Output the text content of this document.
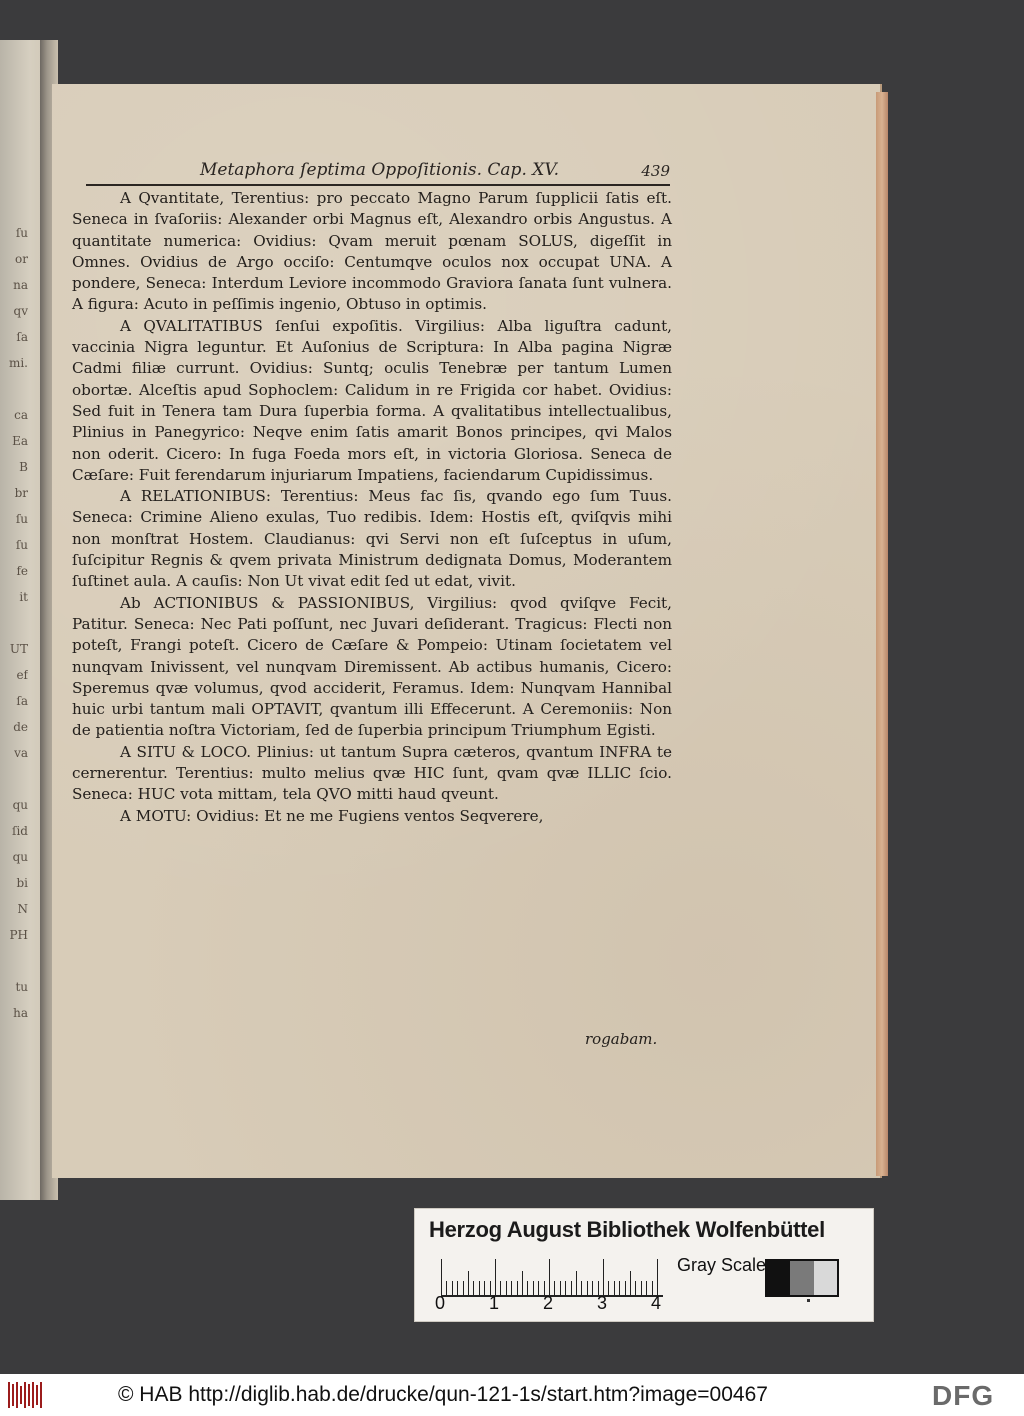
ſu
or
na
qv
ſa
mi.

ca
Ea
B
br
ſu
ſu
fe
it

UT
ef
ſa
de
va

qu
ſid
qu
bi
N
PH

tu
ha
Metaphora ſeptima Oppoſitionis. Cap. XV.	439

A Qvantitate, Terentius: pro peccato Magno Parum ſupplicii ſatis eſt. Seneca in ſvaſoriis: Alexander orbi Magnus eſt, Alexandro orbis Angustus. A quantitate numerica: Ovidius: Qvam meruit pœnam SOLUS, digeſſit in Omnes. Ovidius de Argo occiſo: Centumqve oculos nox occupat UNA. A pondere, Seneca: Interdum Leviore incommodo Graviora ſanata ſunt vulnera. A figura: Acuto in peſſimis ingenio, Obtuso in optimis.

A QVALITATIBUS ſenſui expoſitis. Virgilius: Alba liguſtra cadunt, vaccinia Nigra leguntur. Et Auſonius de Scriptura: In Alba pagina Nigræ Cadmi filiæ currunt. Ovidius: Suntq; oculis Tenebræ per tantum Lumen obortæ. Alceſtis apud Sophoclem: Calidum in re Frigida cor habet. Ovidius: Sed fuit in Tenera tam Dura ſuperbia forma. A qvalitatibus intellectualibus, Plinius in Panegyrico: Neqve enim ſatis amarit Bonos principes, qvi Malos non oderit. Cicero: In fuga Foeda mors eſt, in victoria Gloriosa. Seneca de Cæſare: Fuit ferendarum injuriarum Impatiens, faciendarum Cupidissimus.

A RELATIONIBUS: Terentius: Meus fac ſis, qvando ego ſum Tuus. Seneca: Crimine Alieno exulas, Tuo redibis. Idem: Hostis eſt, qviſqvis mihi non monſtrat Hostem. Claudianus: qvi Servi non eſt ſuſceptus in uſum, ſuſcipitur Regnis & qvem privata Ministrum dedignata Domus, Moderantem ſuſtinet aula. A cauſis: Non Ut vivat edit ſed ut edat, vivit.

Ab ACTIONIBUS & PASSIONIBUS, Virgilius: qvod qviſqve Fecit, Patitur. Seneca: Nec Pati poſſunt, nec Juvari deſiderant. Tragicus: Flecti non poteſt, Frangi poteſt. Cicero de Cæſare & Pompeio: Utinam ſocietatem vel nunqvam Inivissent, vel nunqvam Diremissent. Ab actibus humanis, Cicero: Speremus qvæ volumus, qvod acciderit, Feramus. Idem: Nunqvam Hannibal huic urbi tantum mali OPTAVIT, qvantum illi Effecerunt. A Ceremoniis: Non de patientia noſtra Victoriam, ſed de ſuperbia principum Triumphum Egisti.

A SITU & LOCO. Plinius: ut tantum Supra cæteros, qvantum INFRA te cernerentur. Terentius: multo melius qvæ HIC ſunt, qvam qvæ ILLIC ſcio. Seneca: HUC vota mittam, tela QVO mitti haud qveunt.

A MOTU: Ovidius: Et ne me Fugiens ventos Seqverere,

rogabam.
Herzog August Bibliothek Wolfenbüttel
0 1 2 3 4
Gray Scale
© HAB http://diglib.hab.de/drucke/qun-121-1s/start.htm?image=00467	DFG
